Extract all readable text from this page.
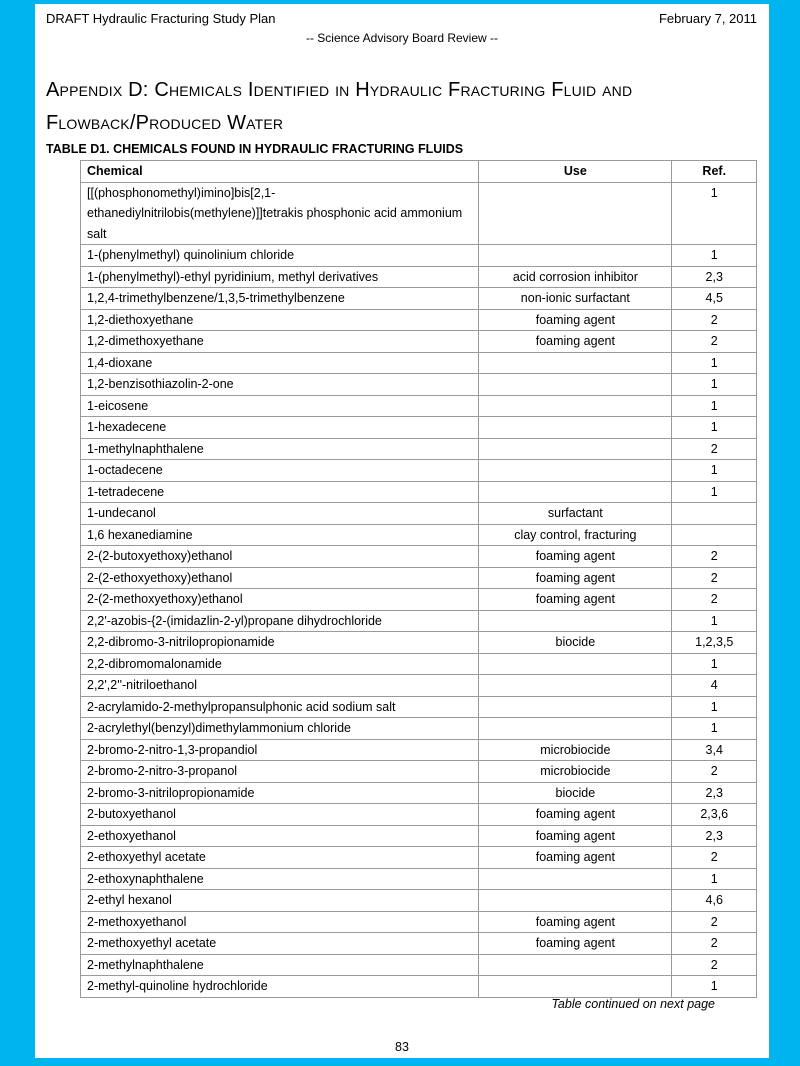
DRAFT Hydraulic Fracturing Study Plan	February 7, 2011
-- Science Advisory Board Review --
Appendix D: Chemicals Identified in Hydraulic Fracturing Fluid and Flowback/Produced Water
TABLE D1. CHEMICALS FOUND IN HYDRAULIC FRACTURING FLUIDS
Chemical	Use	Ref.
[[(phosphonomethyl)imino]bis[2,1-ethanediylnitrilobis(methylene)]]tetrakis phosphonic acid ammonium salt		1
1-(phenylmethyl) quinolinium chloride		1
1-(phenylmethyl)-ethyl pyridinium, methyl derivatives	acid corrosion inhibitor	2,3
1,2,4-trimethylbenzene/1,3,5-trimethylbenzene	non-ionic surfactant	4,5
1,2-diethoxyethane	foaming agent	2
1,2-dimethoxyethane	foaming agent	2
1,4-dioxane		1
1,2-benzisothiazolin-2-one		1
1-eicosene		1
1-hexadecene		1
1-methylnaphthalene		2
1-octadecene		1
1-tetradecene		1
1-undecanol	surfactant	
1,6 hexanediamine	clay control, fracturing	
2-(2-butoxyethoxy)ethanol	foaming agent	2
2-(2-ethoxyethoxy)ethanol	foaming agent	2
2-(2-methoxyethoxy)ethanol	foaming agent	2
2,2'-azobis-{2-(imidazlin-2-yl)propane dihydrochloride		1
2,2-dibromo-3-nitrilopropionamide	biocide	1,2,3,5
2,2-dibromomalonamide		1
2,2',2''-nitriloethanol		4
2-acrylamido-2-methylpropansulphonic acid sodium salt		1
2-acrylethyl(benzyl)dimethylammonium chloride		1
2-bromo-2-nitro-1,3-propandiol	microbiocide	3,4
2-bromo-2-nitro-3-propanol	microbiocide	2
2-bromo-3-nitrilopropionamide	biocide	2,3
2-butoxyethanol	foaming agent	2,3,6
2-ethoxyethanol	foaming agent	2,3
2-ethoxyethyl acetate	foaming agent	2
2-ethoxynaphthalene		1
2-ethyl hexanol		4,6
2-methoxyethanol	foaming agent	2
2-methoxyethyl acetate	foaming agent	2
2-methylnaphthalene		2
2-methyl-quinoline hydrochloride		1
Table continued on next page
83
